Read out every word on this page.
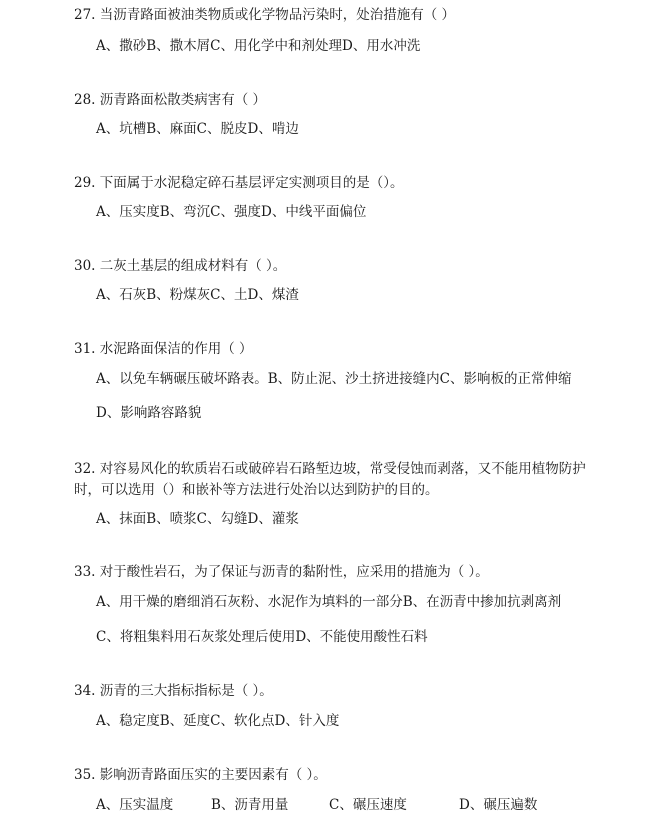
27. 当沥青路面被油类物质或化学物品污染时，处治措施有（ ）

A、撒砂B、撒木屑C、用化学中和剂处理D、用水冲洗

28. 沥青路面松散类病害有（ ）

A、坑槽B、麻面C、脱皮D、啃边

29. 下面属于水泥稳定碎石基层评定实测项目的是（）。

A、压实度B、弯沉C、强度D、中线平面偏位

30. 二灰土基层的组成材料有（ ）。

A、石灰B、粉煤灰C、土D、煤渣

31. 水泥路面保洁的作用（ ）

A、以免车辆碾压破坏路表。B、防止泥、沙土挤进接缝内C、影响板的正常伸缩

D、影响路容路貌

32. 对容易风化的软质岩石或破碎岩石路堑边坡，常受侵蚀而剥落，又不能用植物防护时，可以选用（）和嵌补等方法进行处治以达到防护的目的。

A、抹面B、喷浆C、勾缝D、灌浆

33. 对于酸性岩石，为了保证与沥青的黏附性，应采用的措施为（ ）。

A、用干燥的磨细消石灰粉、水泥作为填料的一部分B、在沥青中掺加抗剥离剂

C、将粗集料用石灰浆处理后使用D、不能使用酸性石料

34. 沥青的三大指标指标是（ ）。

A、稳定度B、延度C、软化点D、针入度

35. 影响沥青路面压实的主要因素有（ ）。

A、压实温度	B、沥青用量	C、碾压速度	D、碾压遍数
